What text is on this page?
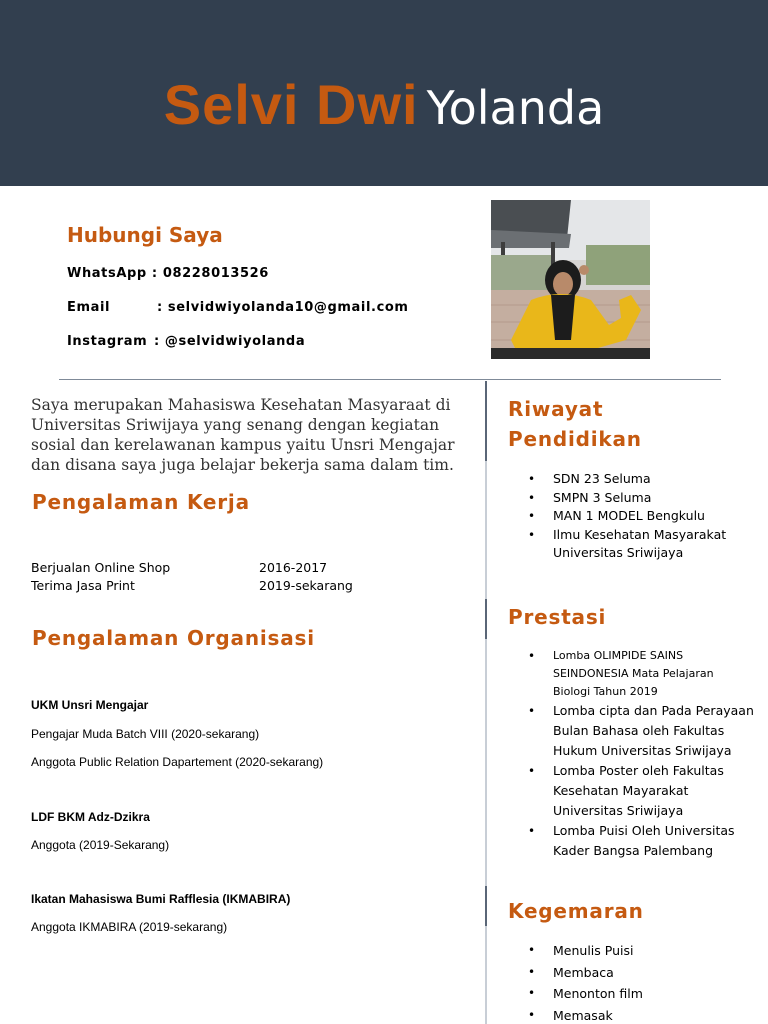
Selvi Dwi Yolanda
Hubungi Saya
WhatsApp : 08228013526
Email	: selvidwiyolanda10@gmail.com
Instagram : @selvidwiyolanda
Saya merupakan Mahasiswa Kesehatan Masyaraat di Universitas Sriwijaya yang senang dengan kegiatan sosial dan kerelawanan kampus yaitu Unsri Mengajar dan disana saya juga belajar bekerja sama dalam tim.
Pengalaman Kerja
Berjualan Online Shop	2016-2017
Terima Jasa Print	2019-sekarang
Pengalaman Organisasi
UKM Unsri Mengajar
Pengajar Muda Batch VIII (2020-sekarang)
Anggota Public Relation Dapartement (2020-sekarang)
LDF BKM Adz-Dzikra
Anggota (2019-Sekarang)
Ikatan Mahasiswa Bumi Rafflesia (IKMABIRA)
Anggota IKMABIRA (2019-sekarang)
Riwayat
Pendidikan
• SDN 23 Seluma
• SMPN 3 Seluma
• MAN 1 MODEL Bengkulu
• Ilmu Kesehatan Masyarakat Universitas Sriwijaya
Prestasi
• Lomba OLIMPIDE SAINS SEINDONESIA Mata Pelajaran Biologi Tahun 2019
• Lomba cipta dan Pada Perayaan Bulan Bahasa oleh Fakultas Hukum Universitas Sriwijaya
• Lomba Poster oleh Fakultas Kesehatan Mayarakat Universitas Sriwijaya
• Lomba Puisi Oleh Universitas Kader Bangsa Palembang
Kegemaran
• Menulis Puisi
• Membaca
• Menonton film
• Memasak
